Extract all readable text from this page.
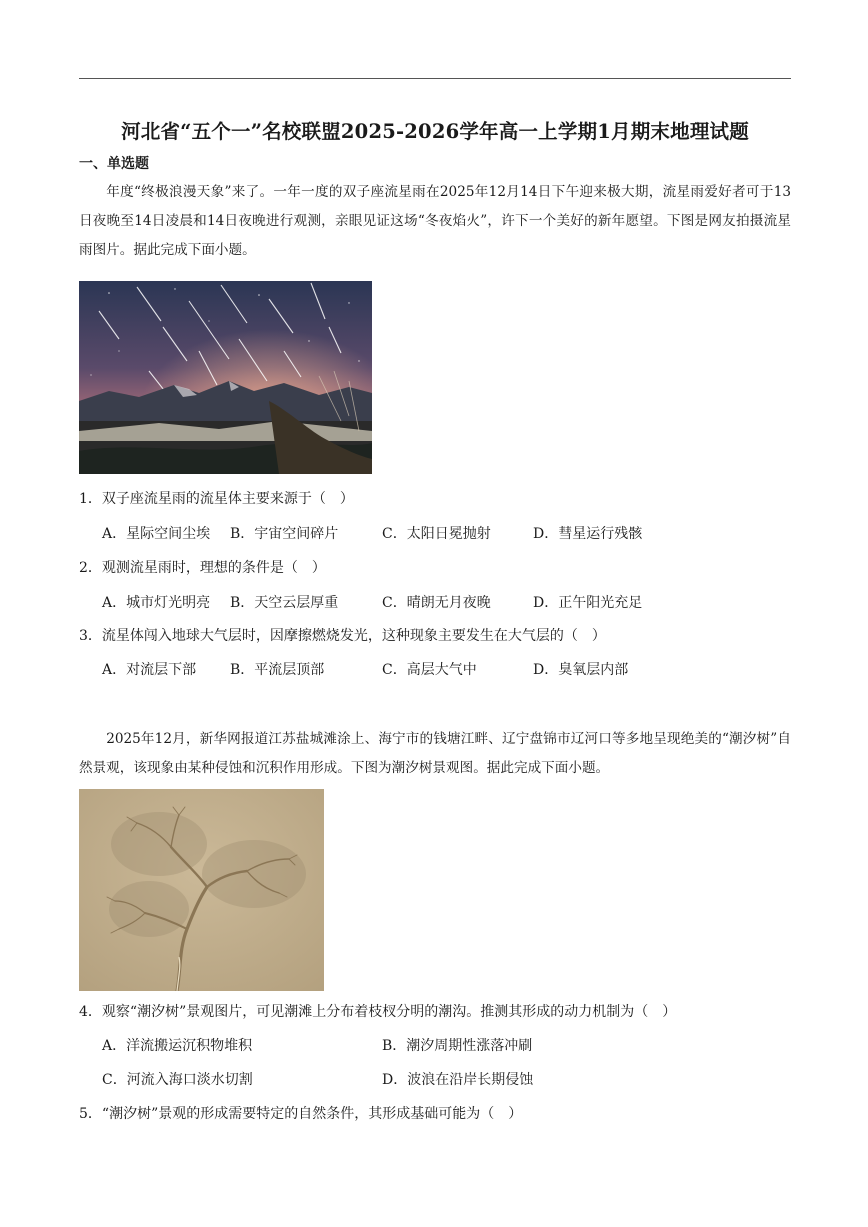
河北省“五个一”名校联盟2025-2026学年高一上学期1月期末地理试题
一、单选题
年度“终极浪漫天象”来了。一年一度的双子座流星雨在2025年12月14日下午迎来极大期，流星雨爱好者可于13日夜晚至14日凌晨和14日夜晚进行观测，亲眼见证这场“冬夜焰火”，许下一个美好的新年愿望。下图是网友拍摄流星雨图片。据此完成下面小题。
1．双子座流星雨的流星体主要来源于（　）
A．星际空间尘埃 B．宇宙空间碎片	C．太阳日冕抛射	D．彗星运行残骸
2．观测流星雨时，理想的条件是（　）
A．城市灯光明亮 B．天空云层厚重	C．晴朗无月夜晚	D．正午阳光充足
3．流星体闯入地球大气层时，因摩擦燃烧发光，这种现象主要发生在大气层的（　）
A．对流层下部 B．平流层顶部	C．高层大气中	D．臭氧层内部
2025年12月，新华网报道江苏盐城滩涂上、海宁市的钱塘江畔、辽宁盘锦市辽河口等多地呈现绝美的“潮汐树”自然景观，该现象由某种侵蚀和沉积作用形成。下图为潮汐树景观图。据此完成下面小题。
4．观察“潮汐树”景观图片，可见潮滩上分布着枝杈分明的潮沟。推测其形成的动力机制为（　）
A．洋流搬运沉积物堆积	B．潮汐周期性涨落冲刷
C．河流入海口淡水切割	D．波浪在沿岸长期侵蚀
5．“潮汐树”景观的形成需要特定的自然条件，其形成基础可能为（　）
